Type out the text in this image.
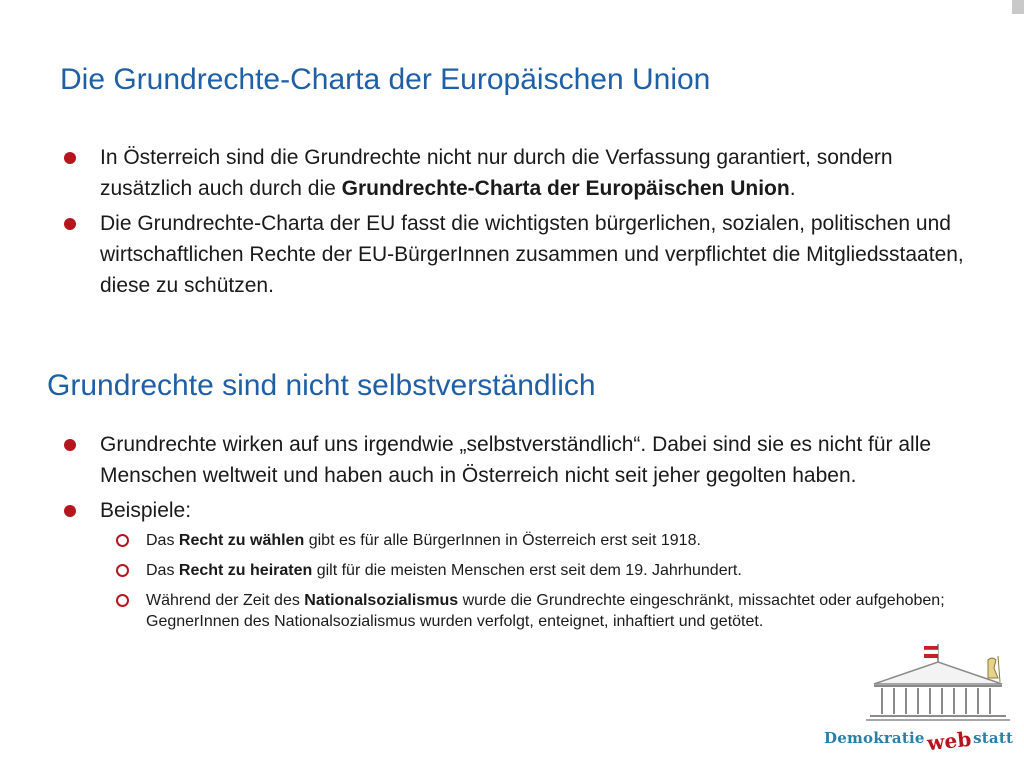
Die Grundrechte-Charta der Europäischen Union
In Österreich sind die Grundrechte nicht nur durch die Verfassung garantiert, sondern zusätzlich auch durch die Grundrechte-Charta der Europäischen Union.
Die Grundrechte-Charta der EU fasst die wichtigsten bürgerlichen, sozialen, politischen und wirtschaftlichen Rechte der EU-BürgerInnen zusammen und verpflichtet die Mitgliedsstaaten, diese zu schützen.
Grundrechte sind nicht selbstverständlich
Grundrechte wirken auf uns irgendwie „selbstverständlich“. Dabei sind sie es nicht für alle Menschen weltweit und haben auch in Österreich nicht seit jeher gegolten haben.
Beispiele:
Das Recht zu wählen gibt es für alle BürgerInnen in Österreich erst seit 1918.
Das Recht zu heiraten gilt für die meisten Menschen erst seit dem 19. Jahrhundert.
Während der Zeit des Nationalsozialismus wurde die Grundrechte eingeschränkt, missachtet oder aufgehoben; GegnerInnen des Nationalsozialismus wurden verfolgt, enteignet, inhaftiert und getötet.
Demokratiewebstatt
